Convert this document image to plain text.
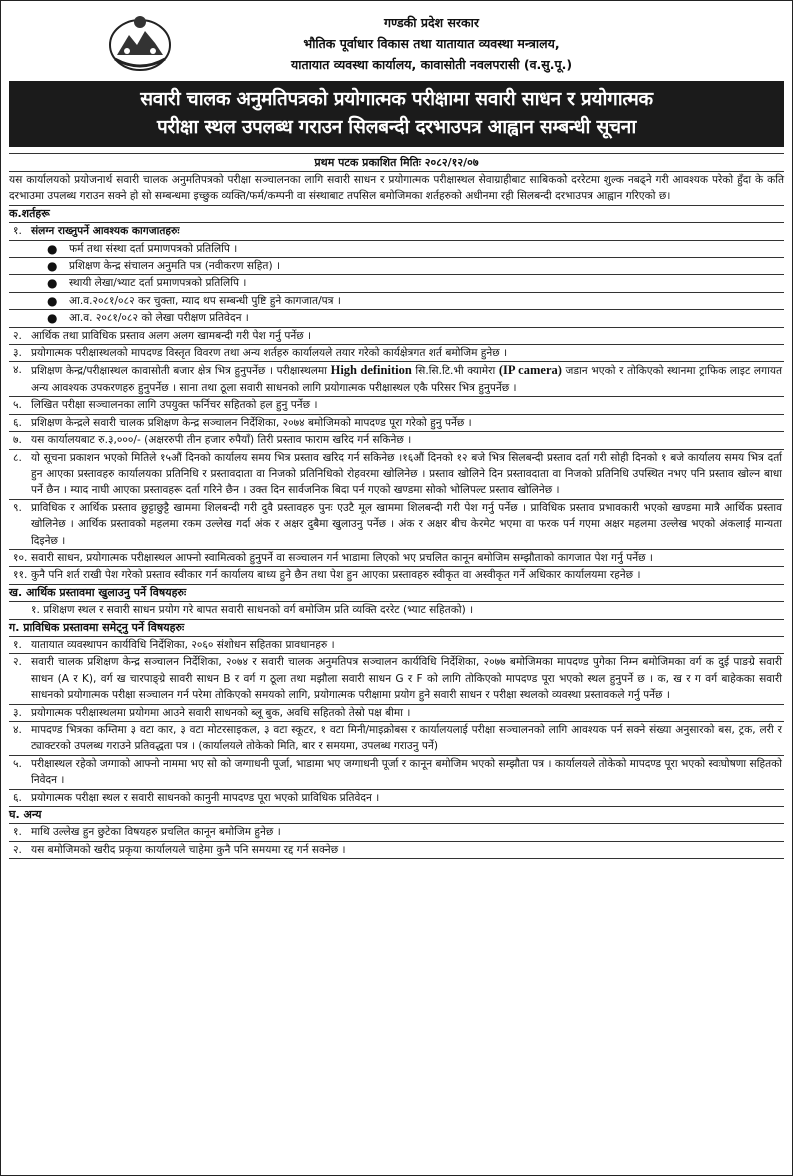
गण्डकी प्रदेश सरकार
भौतिक पूर्वाधार विकास तथा यातायात व्यवस्था मन्त्रालय,
यातायात व्यवस्था कार्यालय, कावासोती नवलपरासी (व.सु.पू.)
सवारी चालक अनुमतिपत्रको प्रयोगात्मक परीक्षामा सवारी साधन र प्रयोगात्मक
परीक्षा स्थल उपलब्ध गराउन सिलबन्दी दरभाउपत्र आह्वान सम्बन्धी सूचना
प्रथम पटक प्रकाशित मितिः २०८२/१२/०७
यस कार्यालयको प्रयोजनार्थ सवारी चालक अनुमतिपत्रको परीक्षा सञ्चालनका लागि सवारी साधन र प्रयोगात्मक परीक्षास्थल सेवाग्राहीबाट साबिककोे दररेटमा शुल्क नबढ्ने गरी आवश्यक परेको हुँदा के कति दरभाउमा उपलब्ध गराउन सक्ने हो सो सम्बन्धमा इच्छुक व्यक्ति/फर्म/कम्पनी वा संस्थाबाट तपसिल बमोजिमका शर्तहरुको अधीनमा रही सिलबन्दी दरभाउपत्र आह्वान गरिएको छ।
क.शर्तहरू
१. संलग्न राख्नुपर्ने आवश्यक कागजातहरुः
●	फर्म तथा संस्था दर्ता प्रमाणपत्रको प्रतिलिपि ।
●	प्रशिक्षण केन्द्र संचालन अनुमति पत्र (नवीकरण सहित) ।
●	स्थायी लेखा/भ्याट दर्ता प्रमाणपत्रको प्रतिलिपि ।
●	आ.व.२०८१/०८२ कर चुक्ता, म्याद थप सम्बन्धी पुष्टि हुने कागजात/पत्र ।
●	आ.व. २०८१/०८२ को लेखा परीक्षण प्रतिवेदन ।
२. आर्थिक तथा प्राविधिक प्रस्ताव अलग अलग खामबन्दी गरी पेश गर्नु पर्नेछ ।
३. प्रयोगात्मक परीक्षास्थलको मापदण्ड विस्तृत विवरण तथा अन्य शर्तहरु कार्यालयले तयार गरेको कार्यक्षेत्रगत शर्त बमोजिम हुनेछ ।
४. प्रशिक्षण केन्द्र/परीक्षास्थल कावासोती बजार क्षेत्र भित्र हुनुपर्नेछ । परीक्षास्थलमा High definition सि.सि.टि.भी क्यामेरा (IP camera) जडान भएको र तोकिएको स्थानमा ट्राफिक लाइट लगायत अन्य आवश्यक उपकरणहरु हुनुपर्नेछ । साना तथा ठूला सवारी साधनको लागि प्रयोगात्मक परीक्षास्थल एकै परिसर भित्र हुनुपर्नेछ ।
५. लिखित परीक्षा सञ्चालनका लागि उपयुक्त फर्निचर सहितको हल हुनु पर्नेछ ।
६. प्रशिक्षण केन्द्रले सवारी चालक प्रशिक्षण केन्द्र सञ्चालन निर्देशिका, २०७४ बमोजिमको मापदण्ड पूरा गरेको हुनु पर्नेछ ।
७. यस कार्यालयबाट रु.३,०००/- (अक्षररुपी तीन हजार रुपैयाँ) तिरी प्रस्ताव फाराम खरिद गर्न सकिनेछ ।
८. यो सूचना प्रकाशन भएको मितिले १५औं दिनको कार्यालय समय भित्र प्रस्ताव खरिद गर्न सकिनेछ ।१६औं दिनको १२ बजे भित्र सिलबन्दी प्रस्ताव दर्ता गरी सोही दिनको १ बजे कार्यालय समय भित्र दर्ता हुन आएका प्रस्तावहरु कार्यालयका प्रतिनिधि र प्रस्तावदाता वा निजको प्रतिनिधिको रोहवरमा खोलिनेछ । प्रस्ताव खोलिने दिन प्रस्तावदाता वा निजको प्रतिनिधि उपस्थित नभए पनि प्रस्ताव खोल्न बाधा पर्ने छैन । म्याद नाघी आएका प्रस्तावहरू दर्ता गरिने छैन । उक्त दिन सार्वजनिक बिदा पर्न गएको खण्डमा सोको भोलिपल्ट प्रस्ताव खोलिनेछ ।
९. प्राविधिक र आर्थिक प्रस्ताव छुट्टाछुट्टै खाममा शिलबन्दी गरी दुवै प्रस्तावहरु पुनः एउटै मूल खाममा शिलबन्दी गरी पेश गर्नु पर्नेछ । प्राविधिक प्रस्ताव प्रभावकारी भएको खण्डमा मात्रै आर्थिक प्रस्ताव खोलिनेछ । आर्थिक प्रस्तावको महलमा रकम उल्लेख गर्दा अंक र अक्षर दुबैमा खुलाउनु पर्नेछ । अंक र अक्षर बीच केरमेट भएमा वा फरक पर्न गएमा अक्षर महलमा उल्लेख भएको अंकलाई मान्यता दिइनेछ ।
१०. सवारी साधन, प्रयोगात्मक परीक्षास्थल आफ्नो स्वामित्वको हुनुपर्ने वा सञ्चालन गर्न भाडामा लिएको भए प्रचलित कानून बमोजिम सम्झौताको कागजात पेश गर्नु पर्नेछ ।
११. कुनै पनि शर्त राखी पेश गरेको प्रस्ताव स्वीकार गर्न कार्यालय बाध्य हुने छैन तथा पेश हुन आएका प्रस्तावहरु स्वीकृत वा अस्वीकृत गर्ने अधिकार कार्यालयमा रहनेछ ।
ख. आर्थिक प्रस्तावमा खुलाउनु पर्ने विषयहरुः
१. प्रशिक्षण स्थल र सवारी साधन प्रयोग गरे बापत सवारी साधनको वर्ग बमोजिम प्रति व्यक्ति दररेट (भ्याट सहितको) ।
ग. प्राविधिक प्रस्तावमा समेट्नु पर्ने विषयहरुः
१. यातायात व्यवस्थापन कार्यविधि निर्देशिका, २०६० संशोधन सहितका प्रावधानहरु ।
२. सवारी चालक प्रशिक्षण केन्द्र सञ्चालन निर्देशिका, २०७४ र सवारी चालक अनुमतिपत्र सञ्चालन कार्यविधि निर्देशिका, २०७७ बमोजिमका मापदण्ड पुगेका निम्न बमोजिमका वर्ग क दुई पाङग्रे सवारी साधन (A र K), वर्ग ख चारपाङ्ग्रे सावरी साधन B र वर्ग ग ठूला तथा मझौला सवारी साधन G र F को लागि तोकिएको मापदण्ड पूरा भएको स्थल हुनुपर्ने छ । क, ख र ग वर्ग बाहेकका सवारी साधनको प्रयोगात्मक परीक्षा सञ्चालन गर्न परेमा तोकिएको समयको लागि, प्रयोगात्मक परीक्षामा प्रयोग हुने सवारी साधन र परीक्षा स्थलको व्यवस्था प्रस्तावकले गर्नु पर्नेछ ।
३. प्रयोगात्मक परीक्षास्थलमा प्रयोगमा आउने सवारी साधनको ब्लू बुक, अवधि सहितको तेस्रो पक्ष बीमा ।
४. मापदण्ड भित्रका कम्तिमा ३ वटा कार, ३ वटा मोटरसाइकल, ३ वटा स्कूटर, १ वटा मिनी/माइक्रोबस र कार्यालयलाई परीक्षा सञ्चालनको लागि आवश्यक पर्न सक्ने संख्या अनुसारको बस, ट्रक, लरी र ट्याक्टरको उपलब्ध गराउने प्रतिवद्धता पत्र । (कार्यालयले तोकेको मिति, बार र समयमा, उपलब्ध गराउनु पर्ने)
५. परीक्षास्थल रहेको जग्गाको आफ्नो नाममा भए सो को जग्गाधनी पूर्जा, भाडामा भए जग्गाधनी पूर्जा र कानून बमोजिम भएको सम्झौता पत्र । कार्यालयले तोकेको मापदण्ड पूरा भएको स्वःघोषणा सहितको निवेदन ।
६. प्रयोगात्मक परीक्षा स्थल र सवारी साधनको कानुनी मापदण्ड पूरा भएको प्राविधिक प्रतिवेदन ।
घ. अन्य
१. माथि उल्लेख हुन छुटेका विषयहरु प्रचलित कानून बमोजिम हुनेछ ।
२. यस बमोजिमको खरीद प्रकृया कार्यालयले चाहेमा कुनै पनि समयमा रद्द गर्न सक्नेछ ।
